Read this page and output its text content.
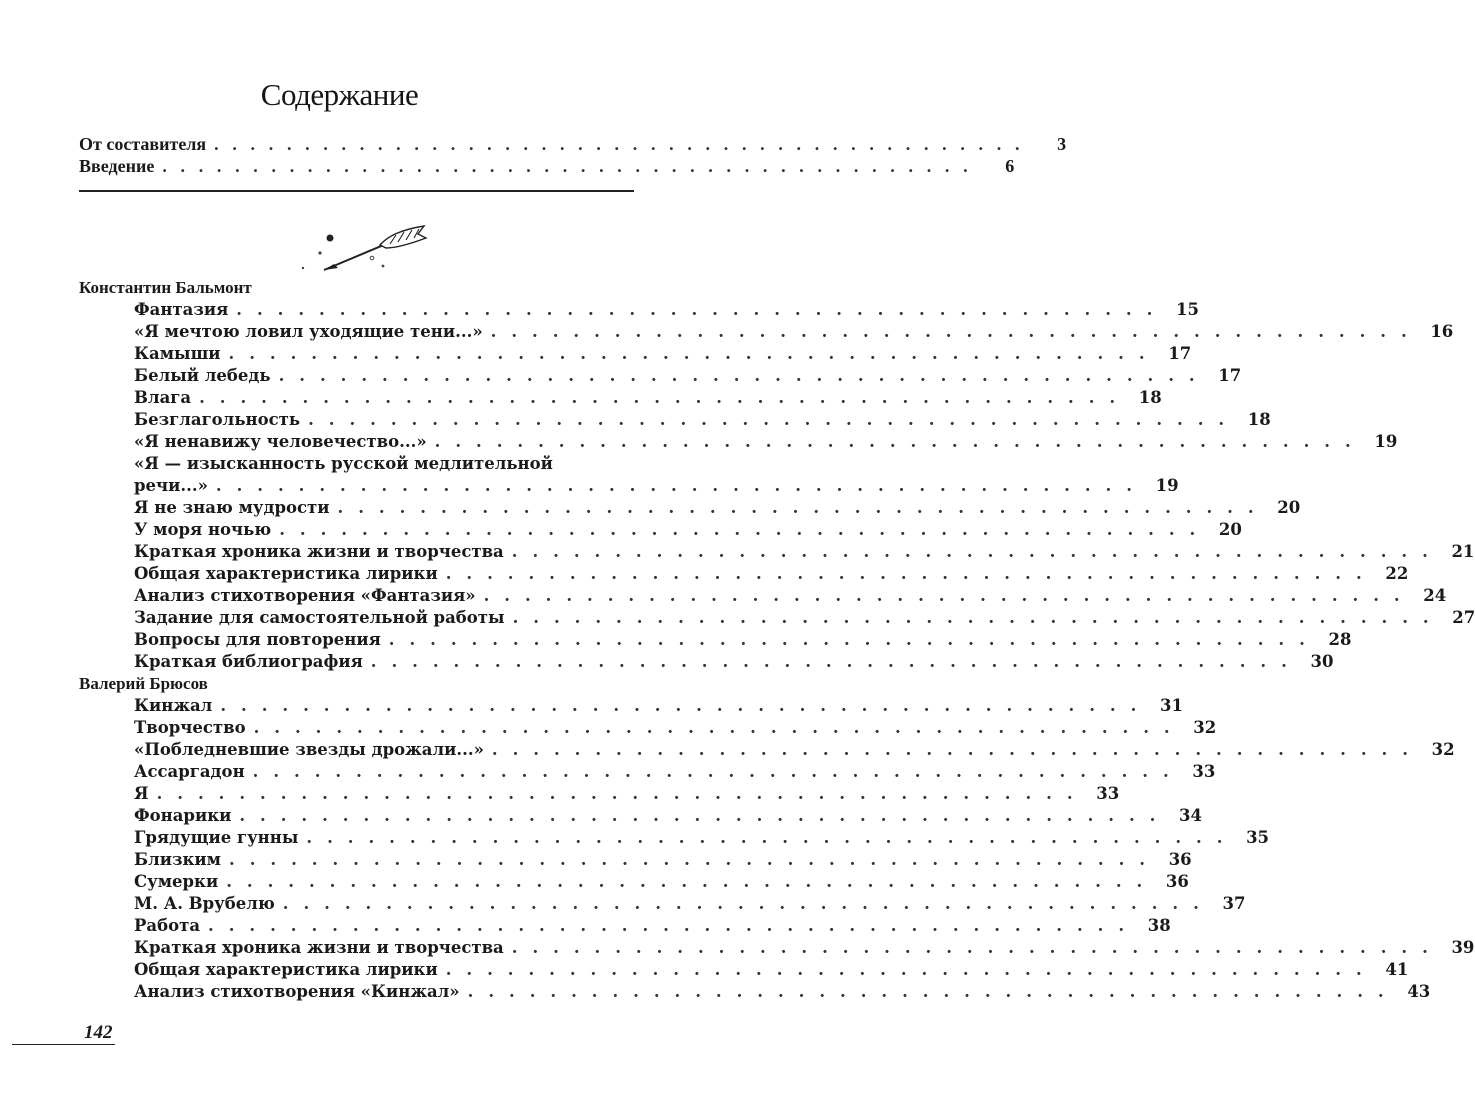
Содержание
От составителя . . . . . . . . . . . . . . . . . . . . . . . . . . . . . . . . . . . . . . . . . . . . .	3
Введение . . . . . . . . . . . . . . . . . . . . . . . . . . . . . . . . . . . . . . . . . . . . .	6
Константин Бальмонт
Фантазия . . . . . . . . . . . . . . . . . . . . . . . . . . . . . . . . . . . . . . . . . . . . . 15
«Я мечтою ловил уходящие тени...» . . . . . . . . . . . . . . . . . . . . . . . . . . . . . . . . . . . . . . . . . . . . . 16
Камыши . . . . . . . . . . . . . . . . . . . . . . . . . . . . . . . . . . . . . . . . . . . . . 17
Белый лебедь . . . . . . . . . . . . . . . . . . . . . . . . . . . . . . . . . . . . . . . . . . . . . 17
Влага . . . . . . . . . . . . . . . . . . . . . . . . . . . . . . . . . . . . . . . . . . . . . 18
Безглагольность . . . . . . . . . . . . . . . . . . . . . . . . . . . . . . . . . . . . . . . . . . . . . 18
«Я ненавижу человечество...» . . . . . . . . . . . . . . . . . . . . . . . . . . . . . . . . . . . . . . . . . . . . . 19
«Я — изысканность русской медлительной
речи...» . . . . . . . . . . . . . . . . . . . . . . . . . . . . . . . . . . . . . . . . . . . . . 19
Я не знаю мудрости . . . . . . . . . . . . . . . . . . . . . . . . . . . . . . . . . . . . . . . . . . . . . 20
У моря ночью . . . . . . . . . . . . . . . . . . . . . . . . . . . . . . . . . . . . . . . . . . . . . 20
Краткая хроника жизни и творчества . . . . . . . . . . . . . . . . . . . . . . . . . . . . . . . . . . . . . . . . . . . . . 21
Общая характеристика лирики . . . . . . . . . . . . . . . . . . . . . . . . . . . . . . . . . . . . . . . . . . . . . 22
Анализ стихотворения «Фантазия» . . . . . . . . . . . . . . . . . . . . . . . . . . . . . . . . . . . . . . . . . . . . . 24
Задание для самостоятельной работы . . . . . . . . . . . . . . . . . . . . . . . . . . . . . . . . . . . . . . . . . . . . . 27
Вопросы для повторения . . . . . . . . . . . . . . . . . . . . . . . . . . . . . . . . . . . . . . . . . . . . . 28
Краткая библиография . . . . . . . . . . . . . . . . . . . . . . . . . . . . . . . . . . . . . . . . . . . . . 30
Валерий Брюсов
Кинжал . . . . . . . . . . . . . . . . . . . . . . . . . . . . . . . . . . . . . . . . . . . . . 31
Творчество . . . . . . . . . . . . . . . . . . . . . . . . . . . . . . . . . . . . . . . . . . . . . 32
«Побледневшие звезды дрожали...» . . . . . . . . . . . . . . . . . . . . . . . . . . . . . . . . . . . . . . . . . . . . . 32
Ассаргадон . . . . . . . . . . . . . . . . . . . . . . . . . . . . . . . . . . . . . . . . . . . . . 33
Я . . . . . . . . . . . . . . . . . . . . . . . . . . . . . . . . . . . . . . . . . . . . . 33
Фонарики . . . . . . . . . . . . . . . . . . . . . . . . . . . . . . . . . . . . . . . . . . . . . 34
Грядущие гунны . . . . . . . . . . . . . . . . . . . . . . . . . . . . . . . . . . . . . . . . . . . . . 35
Близким . . . . . . . . . . . . . . . . . . . . . . . . . . . . . . . . . . . . . . . . . . . . . 36
Сумерки . . . . . . . . . . . . . . . . . . . . . . . . . . . . . . . . . . . . . . . . . . . . . 36
М. А. Врубелю . . . . . . . . . . . . . . . . . . . . . . . . . . . . . . . . . . . . . . . . . . . . . 37
Работа . . . . . . . . . . . . . . . . . . . . . . . . . . . . . . . . . . . . . . . . . . . . . 38
Краткая хроника жизни и творчества . . . . . . . . . . . . . . . . . . . . . . . . . . . . . . . . . . . . . . . . . . . . . 39
Общая характеристика лирики . . . . . . . . . . . . . . . . . . . . . . . . . . . . . . . . . . . . . . . . . . . . . 41
Анализ стихотворения «Кинжал» . . . . . . . . . . . . . . . . . . . . . . . . . . . . . . . . . . . . . . . . . . . . . 43
142
